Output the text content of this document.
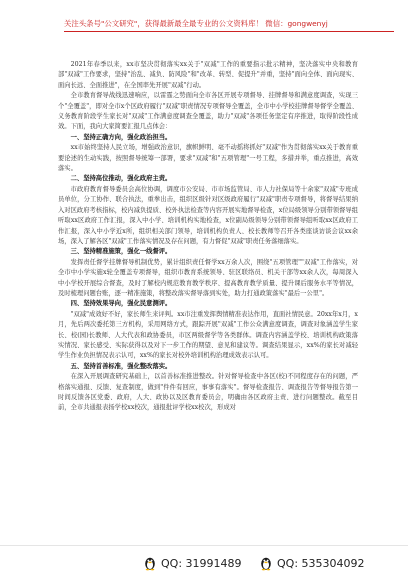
关注头条号"公文研究"，获得最新最全最专业的公文资料库！ 微信：gongwenyj

2021年春季以来，xx市坚决贯彻落实xx关于"双减"工作的重要指示批示精神，坚决落实中央和教育部"双减"工作要求，坚持"治乱、减负、防风险"和"改革、转型、促提升"并重，坚持"面向全体、面向现实、面向长远、全面推进"，在全国率先开展"双减"行动。

全市教育督导战线迅速响应，以雷霆之势面向全市各区开展专项督导、挂牌督导和满意度调查，实现三个"全覆盖"，即对全市x个区政府履行"双减"职责情况专项督导全覆盖，全市中小学校挂牌督导督学全覆盖、义务教育阶段学生家长对"双减"工作满意度调查全覆盖，助力"双减"各项任务坚定有序推进，取得阶段性成效。下面，我向大家简要汇报几点体会：

一、坚持正确方向，强化政治担当。

xx市始终坚持人民立场，增强政治意识，旗帜鲜明、毫不动摇将抓好"双减"作为贯彻落实xx关于教育重要论述的生动实践，按照督导统筹一部署，要求"双减"和"五项管理"一号工程，多措并举，重点推进，高效落实。

二、坚持高位推动，强化政府主责。

市政府教育督导委员会高位协调，调度市公安局、市市场监管局、市人力社保局等十余家"双减"专班成员单位，分工协作、联合执法，重拳出击，组织区级针对区级政府履行"双减"职责专项督导，将督导结果纳入对区政府考核指标，校内减负提质、校外执法检查等内容开展实地督导检查，x位局级领导分别带领督导组听取xx区政府工作汇报，深入中小学、培训机构实地检查，x位副局级领导分别带领督导组听取xx区政府工作汇报，深入中小学近x所，组织相关部门领导，培训机构负责人、校长教师等召开各类座谈访谈会议xx余场，深入了解各区"双减"工作落实情况及存在问题，有力督促"双减"职责任务落细落实。

三、坚持精准施策，强化一线督评。

发挥责任督学挂牌督导机制优势，累计组织责任督学xx万余人次，围绕"五项管理""双减"工作落实，对全市中小学实施x轮全覆盖专项督导，组织市教育系统领导、驻区联络员、机关干部等xx余人次，每周深入中小学校开展综合督查，及时了解校内规范教育教学秩序、提高教育教学质量、提升课后服务水平等情况，及时梳理问题台账，逐一精准施策，将整改落实督导落到实处，助力打通政策落实"最后一公里"。

四、坚持效果导向，强化民意测评。

"双减"成效好不好，家长师生来评判。xx市注重发挥舆情精准表达作用，直面社情民意。20xx年x月，x月，先后两次委托第三方机构，采用网络方式，跟踪开展"双减"工作公众满意度调查，调查对象涵盖学生家长、校(园)长教师、人大代表和政协委员，市区两级督学等各类群体。调查内容涵盖学校、培训机构政策落实情况、家长感受、实际获得以及对下一步工作的期望、意见和建议等。调查结果显示，xx%的家长对减轻学生作业负担情况表示认可，xx%的家长对校外培训机构治理成效表示认可。

五、坚持首善标准，强化整改落实。

在深入开展调查研究基础上，以首善标准推进整改。针对督导检查中各区(校)不同程度存在的问题，严格落实通报、反馈、复查制度，做到"件件有回应，事事有落实"。督导检查报告、调查报告等督导报告第一时间反馈各区党委、政府，人大、政协以及区教育委员会，明确由各区政府主责、进行问题整改。截至目前，全市共通报表扬学校xx校次，通报批评学校xx校次，形成对

QQ: 31991489	QQ: 535304092
